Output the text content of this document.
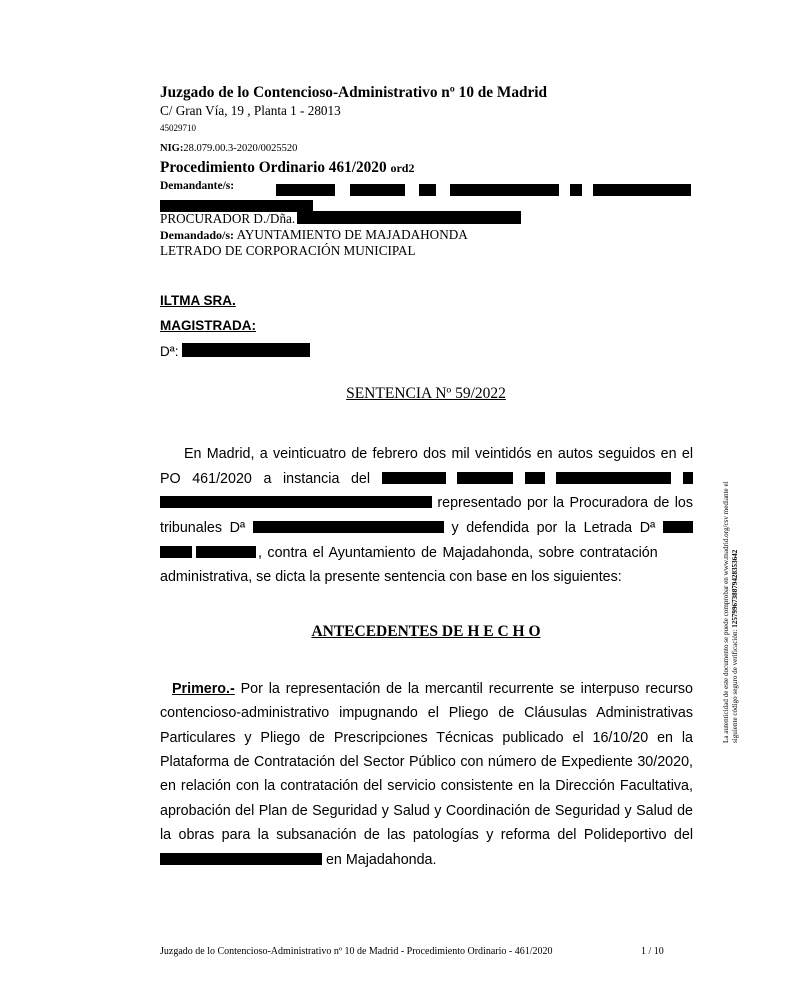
Juzgado de lo Contencioso-Administrativo nº 10 de Madrid
C/ Gran Vía, 19 , Planta 1 - 28013
45029710
NIG:28.079.00.3-2020/0025520
Procedimiento Ordinario 461/2020 ord2
Demandante/s:
PROCURADOR D./Dña.
Demandado/s: AYUNTAMIENTO DE MAJADAHONDA
LETRADO DE CORPORACIÓN MUNICIPAL
ILTMA SRA.
MAGISTRADA:
Dª:
SENTENCIA Nº 59/2022
En Madrid, a veinticuatro de febrero dos mil veintidós en autos seguidos en el
PO 461/2020 a instancia del
representado por la Procuradora de los
tribunales Dª	y defendida por la Letrada Dª
, contra el Ayuntamiento de Majadahonda, sobre contratación
administrativa, se dicta la presente sentencia con base en los siguientes:
ANTECEDENTES DE H E C H O
Primero.- Por la representación de la mercantil recurrente se interpuso recurso
contencioso-administrativo impugnando el Pliego de Cláusulas Administrativas
Particulares y Pliego de Prescripciones Técnicas publicado el 16/10/20 en la
Plataforma de Contratación del Sector Público con número de Expediente 30/2020,
en relación con la contratación del servicio consistente en la Dirección Facultativa,
aprobación del Plan de Seguridad y Salud y Coordinación de Seguridad y Salud de
la obras para la subsanación de las patologías y reforma del Polideportivo del
en Majadahonda.
La autenticidad de este documento se puede comprobar en www.madrid.org/csv mediante el siguiente código seguro de verificación: 1257996738879428353642
Juzgado de lo Contencioso-Administrativo nº 10 de Madrid - Procedimiento Ordinario - 461/2020	1 / 10
